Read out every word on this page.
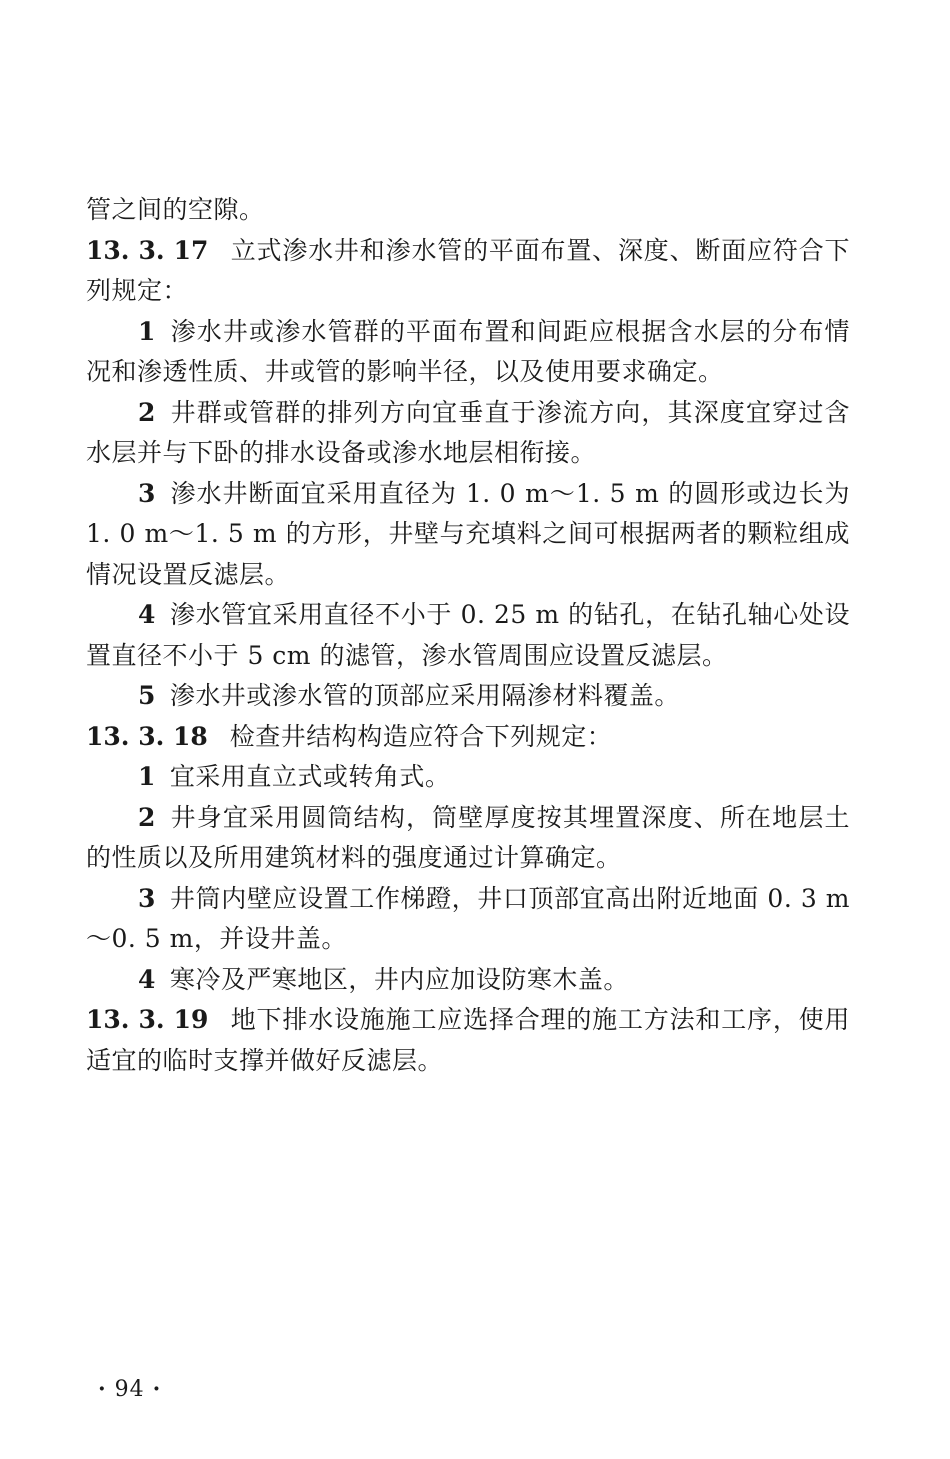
管之间的空隙。

13. 3. 17 立式渗水井和渗水管的平面布置、深度、断面应符合下列规定：

1 渗水井或渗水管群的平面布置和间距应根据含水层的分布情况和渗透性质、井或管的影响半径，以及使用要求确定。

2 井群或管群的排列方向宜垂直于渗流方向，其深度宜穿过含水层并与下卧的排水设备或渗水地层相衔接。

3 渗水井断面宜采用直径为 1. 0 m～1. 5 m 的圆形或边长为 1. 0 m～1. 5 m 的方形，井壁与充填料之间可根据两者的颗粒组成情况设置反滤层。

4 渗水管宜采用直径不小于 0. 25 m 的钻孔，在钻孔轴心处设置直径不小于 5 cm 的滤管，渗水管周围应设置反滤层。

5 渗水井或渗水管的顶部应采用隔渗材料覆盖。

13. 3. 18 检查井结构构造应符合下列规定：

1 宜采用直立式或转角式。

2 井身宜采用圆筒结构，筒壁厚度按其埋置深度、所在地层土的性质以及所用建筑材料的强度通过计算确定。

3 井筒内壁应设置工作梯蹬，井口顶部宜高出附近地面 0. 3 m～0. 5 m，并设井盖。

4 寒冷及严寒地区，井内应加设防寒木盖。

13. 3. 19 地下排水设施施工应选择合理的施工方法和工序，使用适宜的临时支撑并做好反滤层。

· 94 ·
